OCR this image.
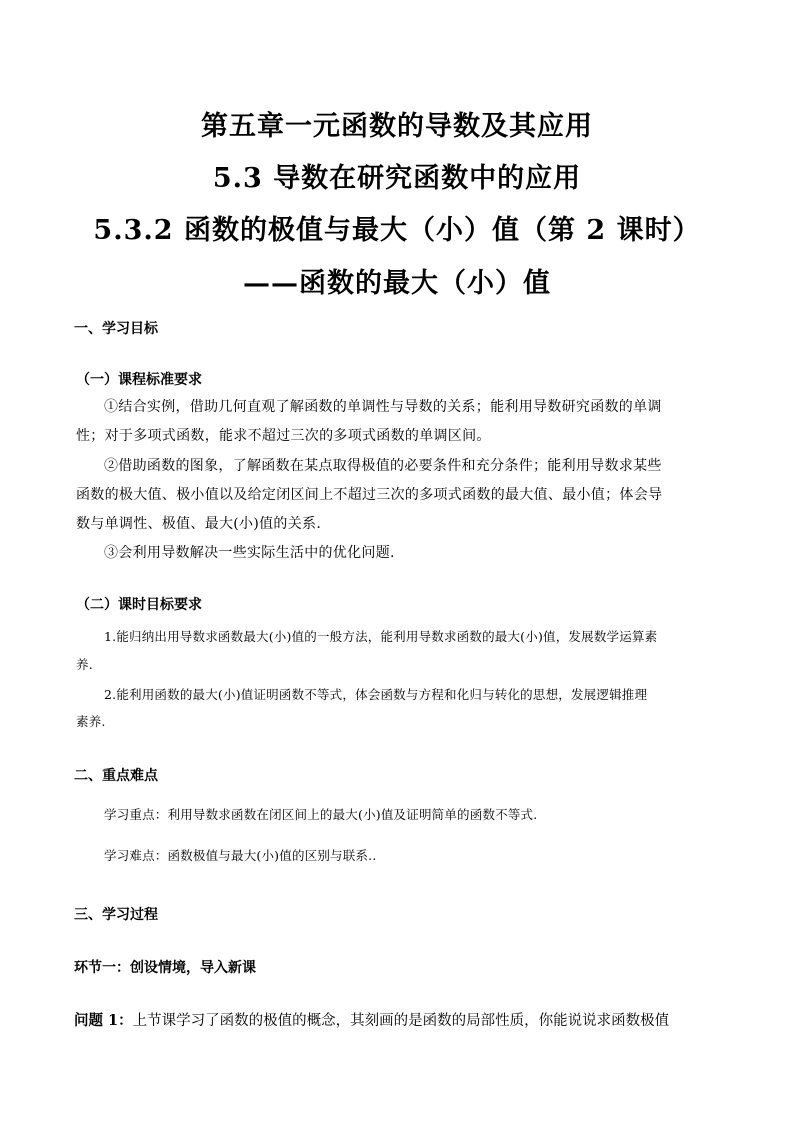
第五章一元函数的导数及其应用
5.3 导数在研究函数中的应用
5.3.2 函数的极值与最大（小）值（第 2 课时）
——函数的最大（小）值
一、学习目标
（一）课程标准要求
①结合实例，借助几何直观了解函数的单调性与导数的关系；能利用导数研究函数的单调
性；对于多项式函数，能求不超过三次的多项式函数的单调区间。
②借助函数的图象，了解函数在某点取得极值的必要条件和充分条件；能利用导数求某些
函数的极大值、极小值以及给定闭区间上不超过三次的多项式函数的最大值、最小值；体会导
数与单调性、极值、最大(小)值的关系.
③会利用导数解决一些实际生活中的优化问题.
（二）课时目标要求
1.能归纳出用导数求函数最大(小)值的一般方法，能利用导数求函数的最大(小)值，发展数学运算素
养.
2.能利用函数的最大(小)值证明函数不等式，体会函数与方程和化归与转化的思想，发展逻辑推理
素养.
二、重点难点
学习重点：利用导数求函数在闭区间上的最大(小)值及证明简单的函数不等式.
学习难点：函数极值与最大(小)值的区别与联系..
三、学习过程
环节一：创设情境，导入新课
问题 1：上节课学习了函数的极值的概念，其刻画的是函数的局部性质，你能说说求函数极值
